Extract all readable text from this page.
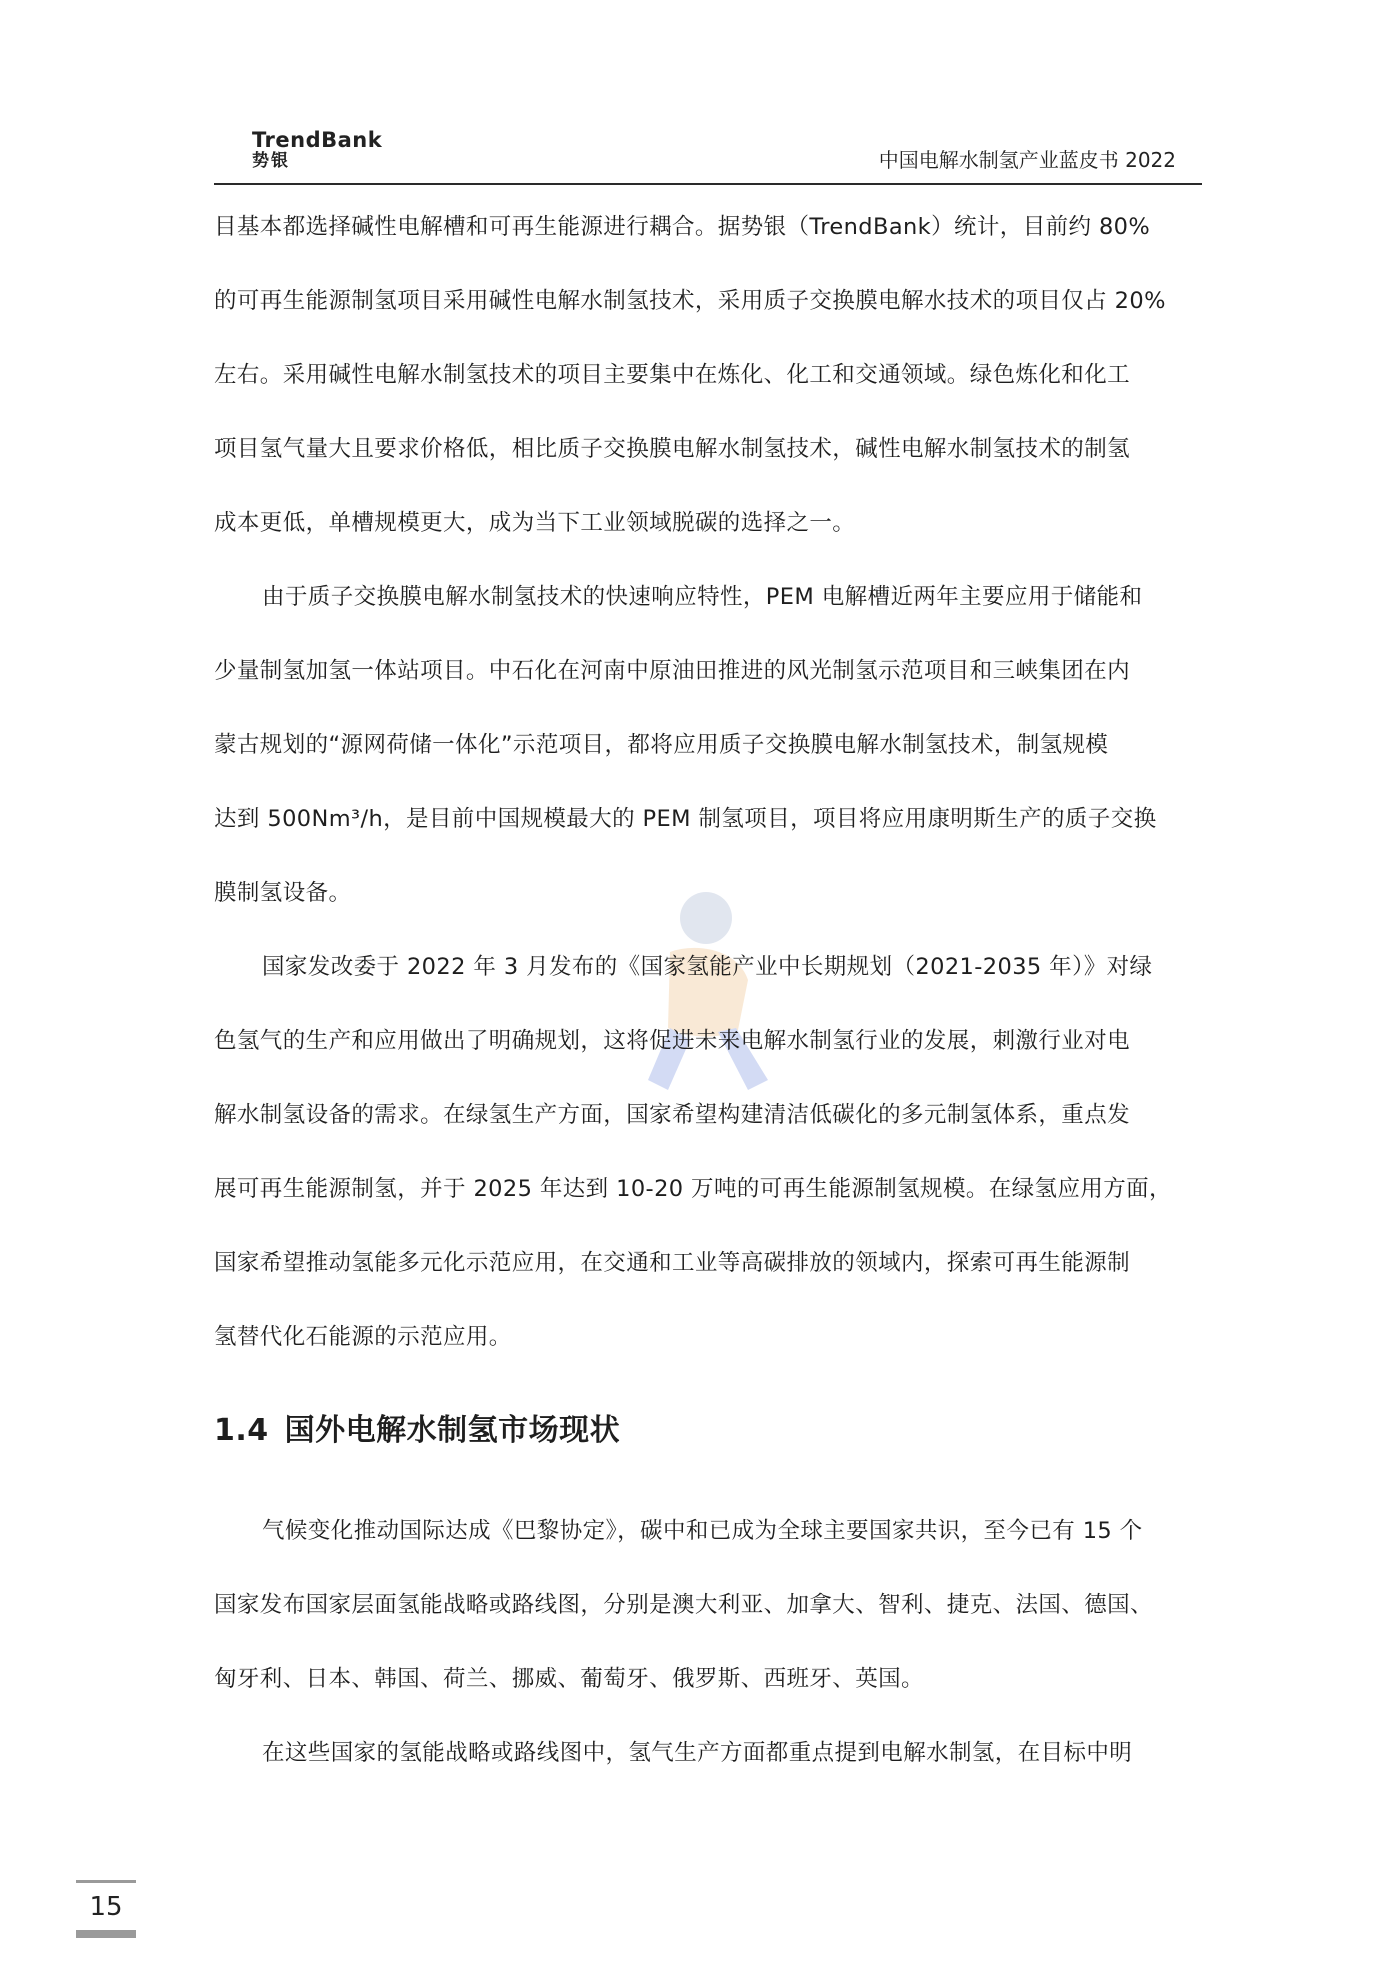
TrendBank
势银	中国电解水制氢产业蓝皮书 2022

目基本都选择碱性电解槽和可再生能源进行耦合。据势银（TrendBank）统计，目前约 80%
的可再生能源制氢项目采用碱性电解水制氢技术，采用质子交换膜电解水技术的项目仅占 20%
左右。采用碱性电解水制氢技术的项目主要集中在炼化、化工和交通领域。绿色炼化和化工
项目氢气量大且要求价格低，相比质子交换膜电解水制氢技术，碱性电解水制氢技术的制氢
成本更低，单槽规模更大，成为当下工业领域脱碳的选择之一。

由于质子交换膜电解水制氢技术的快速响应特性，PEM 电解槽近两年主要应用于储能和
少量制氢加氢一体站项目。中石化在河南中原油田推进的风光制氢示范项目和三峡集团在内
蒙古规划的“源网荷储一体化”示范项目，都将应用质子交换膜电解水制氢技术，制氢规模
达到 500Nm³/h，是目前中国规模最大的 PEM 制氢项目，项目将应用康明斯生产的质子交换
膜制氢设备。

国家发改委于 2022 年 3 月发布的《国家氢能产业中长期规划（2021-2035 年）》对绿
色氢气的生产和应用做出了明确规划，这将促进未来电解水制氢行业的发展，刺激行业对电
解水制氢设备的需求。在绿氢生产方面，国家希望构建清洁低碳化的多元制氢体系，重点发
展可再生能源制氢，并于 2025 年达到 10-20 万吨的可再生能源制氢规模。在绿氢应用方面，
国家希望推动氢能多元化示范应用，在交通和工业等高碳排放的领域内，探索可再生能源制
氢替代化石能源的示范应用。

1.4 国外电解水制氢市场现状

气候变化推动国际达成《巴黎协定》，碳中和已成为全球主要国家共识，至今已有 15 个
国家发布国家层面氢能战略或路线图，分别是澳大利亚、加拿大、智利、捷克、法国、德国、
匈牙利、日本、韩国、荷兰、挪威、葡萄牙、俄罗斯、西班牙、英国。

在这些国家的氢能战略或路线图中，氢气生产方面都重点提到电解水制氢，在目标中明

15
